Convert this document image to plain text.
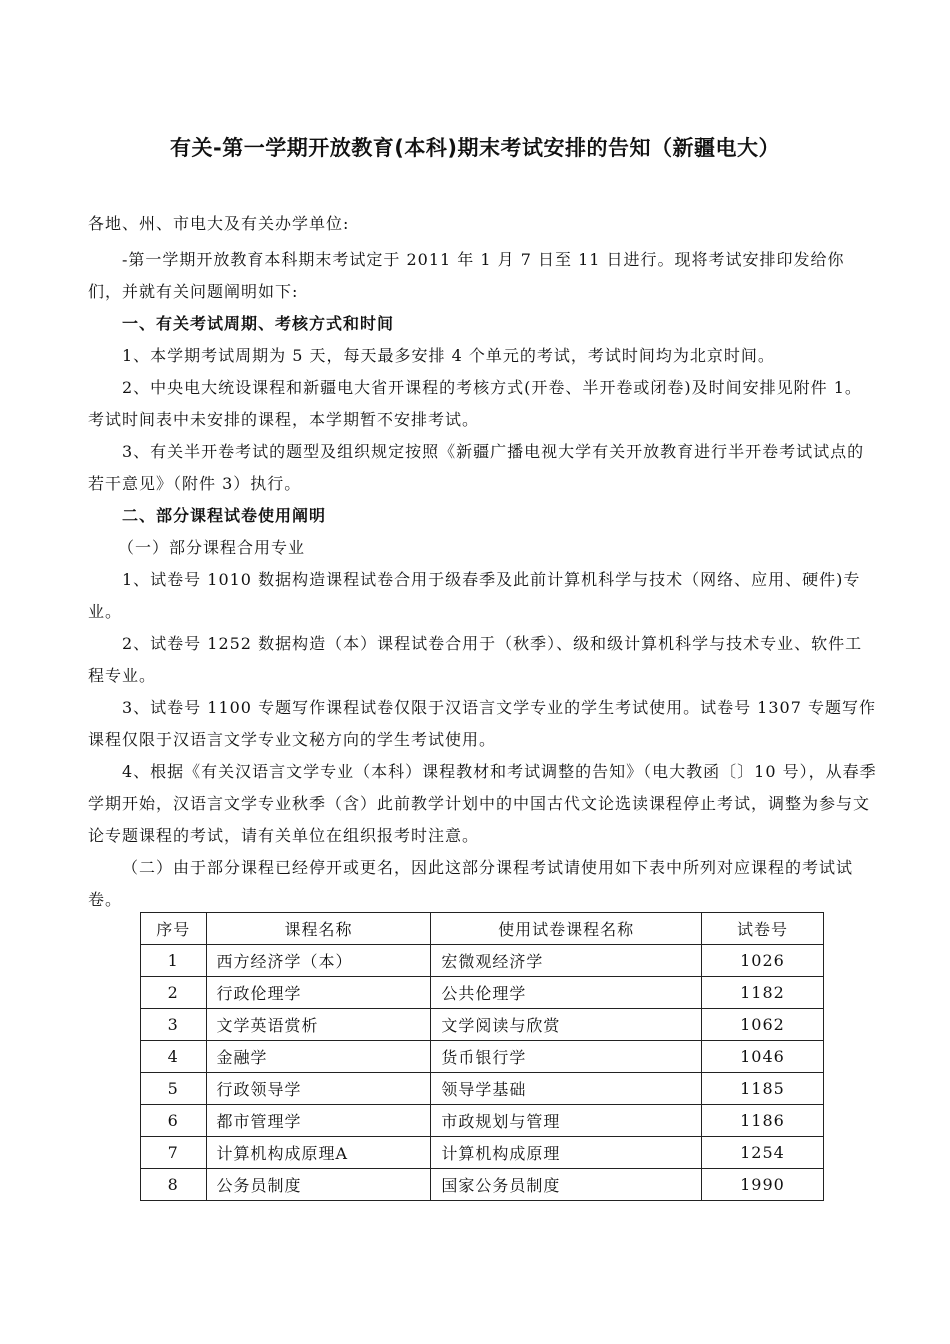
有关-第一学期开放教育(本科)期末考试安排的告知（新疆电大）

各地、州、市电大及有关办学单位:

-第一学期开放教育本科期末考试定于 2011 年 1 月 7 日至 11 日进行。现将考试安排印发给你们，并就有关问题阐明如下:

一、有关考试周期、考核方式和时间

1、本学期考试周期为 5 天，每天最多安排 4 个单元的考试，考试时间均为北京时间。

2、中央电大统设课程和新疆电大省开课程的考核方式(开卷、半开卷或闭卷)及时间安排见附件 1。考试时间表中未安排的课程，本学期暂不安排考试。

3、有关半开卷考试的题型及组织规定按照《新疆广播电视大学有关开放教育进行半开卷考试试点的若干意见》（附件 3）执行。

二、部分课程试卷使用阐明

（一）部分课程合用专业

1、试卷号 1010 数据构造课程试卷合用于级春季及此前计算机科学与技术（网络、应用、硬件)专业。

2、试卷号 1252 数据构造（本）课程试卷合用于（秋季）、级和级计算机科学与技术专业、软件工程专业。

3、试卷号 1100 专题写作课程试卷仅限于汉语言文学专业的学生考试使用。试卷号 1307 专题写作课程仅限于汉语言文学专业文秘方向的学生考试使用。

4、根据《有关汉语言文学专业（本科）课程教材和考试调整的告知》（电大教函〔〕10 号），从春季学期开始，汉语言文学专业秋季（含）此前教学计划中的中国古代文论选读课程停止考试，调整为参与文论专题课程的考试，请有关单位在组织报考时注意。

（二）由于部分课程已经停开或更名，因此这部分课程考试请使用如下表中所列对应课程的考试试卷。

序号	课程名称	使用试卷课程名称	试卷号
1	西方经济学（本）	宏微观经济学	1026
2	行政伦理学	公共伦理学	1182
3	文学英语赏析	文学阅读与欣赏	1062
4	金融学	货币银行学	1046
5	行政领导学	领导学基础	1185
6	都市管理学	市政规划与管理	1186
7	计算机构成原理A	计算机构成原理	1254
8	公务员制度	国家公务员制度	1990
